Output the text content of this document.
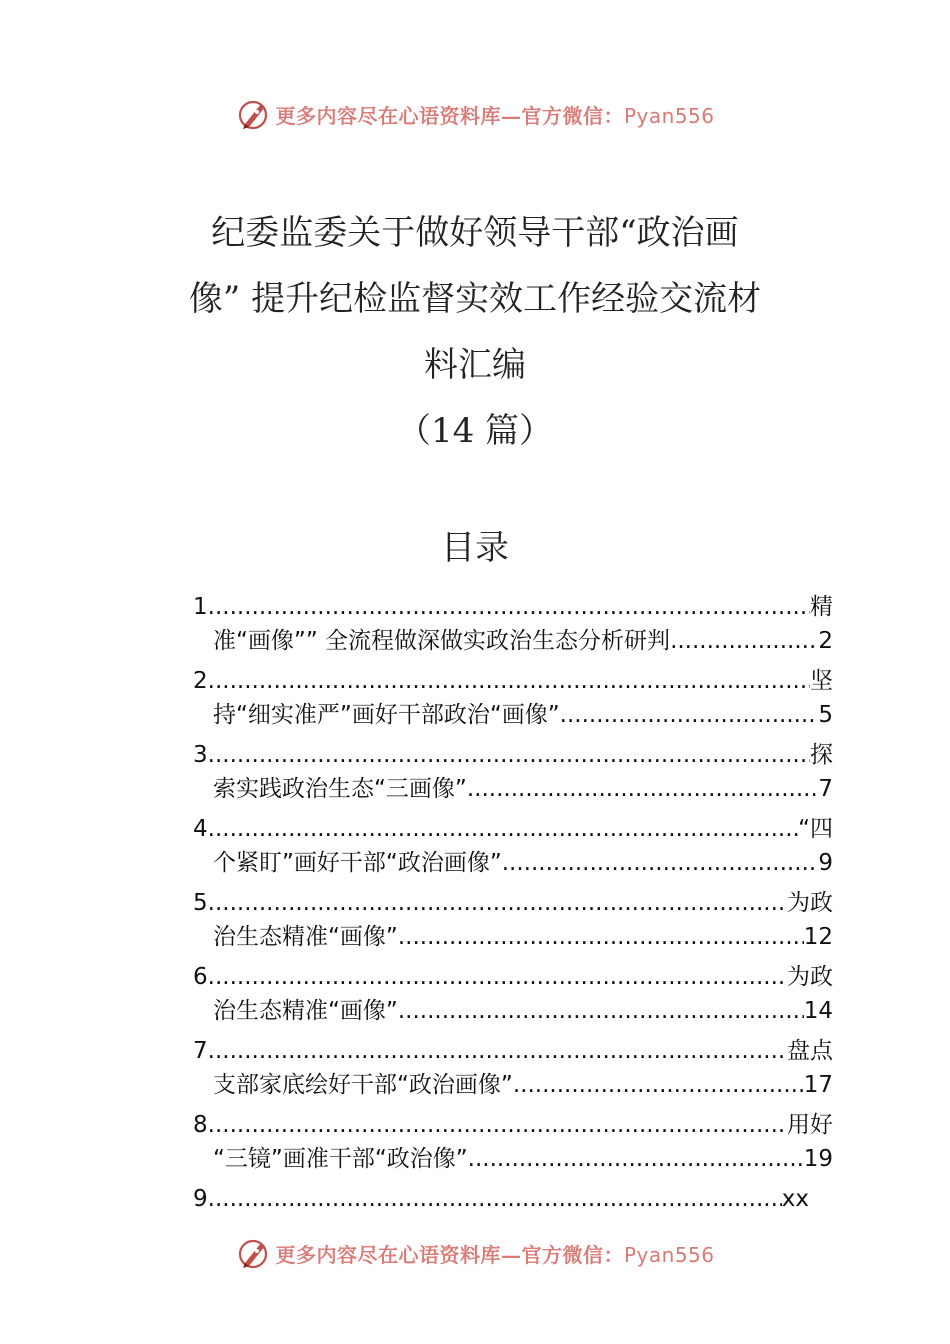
更多内容尽在心语资料库—官方微信：Pyan556
纪委监委关于做好领导干部“政治画
像” 提升纪检监督实效工作经验交流材
料汇编
（14 篇）
目录
1. .....	精
准“画像”” 全流程做深做实政治生态分析研判 .....	2
2. .....	坚
持“细实准严”画好干部政治“画像” .....	5
3. .....	探
索实践政治生态“三画像” .....	7
4. .....	“四
个紧盯”画好干部“政治画像” .....	9
5. .....	为政
治生态精准“画像” .....	12
6. .....	为政
治生态精准“画像” .....	14
7. .....	盘点
支部家底绘好干部“政治画像” .....	17
8. .....	用好
“三镜”画准干部“政治像” .....	19
9. .....	xx
更多内容尽在心语资料库—官方微信：Pyan556
